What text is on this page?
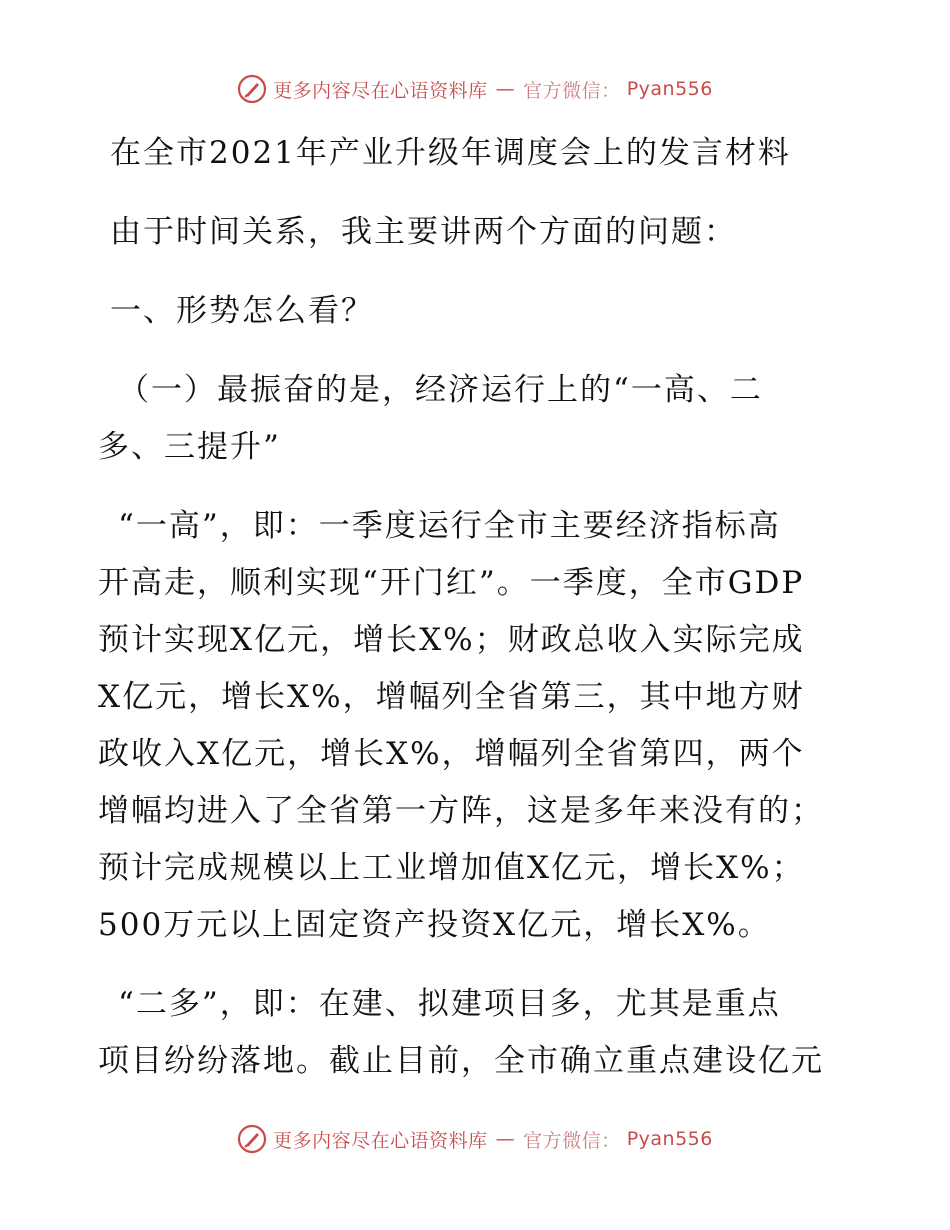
更多内容尽在心语资料库 — 官方微信： Pyan556
在全市2021年产业升级年调度会上的发言材料
由于时间关系，我主要讲两个方面的问题：
一、形势怎么看？
（一）最振奋的是，经济运行上的“一高、二
多、三提升”
“一高”，即：一季度运行全市主要经济指标高
开高走，顺利实现“开门红”。一季度，全市GDP
预计实现X亿元，增长X%；财政总收入实际完成
X亿元，增长X%，增幅列全省第三，其中地方财
政收入X亿元，增长X%，增幅列全省第四，两个
增幅均进入了全省第一方阵，这是多年来没有的；
预计完成规模以上工业增加值X亿元，增长X%；
500万元以上固定资产投资X亿元，增长X%。
“二多”，即：在建、拟建项目多，尤其是重点
项目纷纷落地。截止目前，全市确立重点建设亿元
更多内容尽在心语资料库 — 官方微信： Pyan556
